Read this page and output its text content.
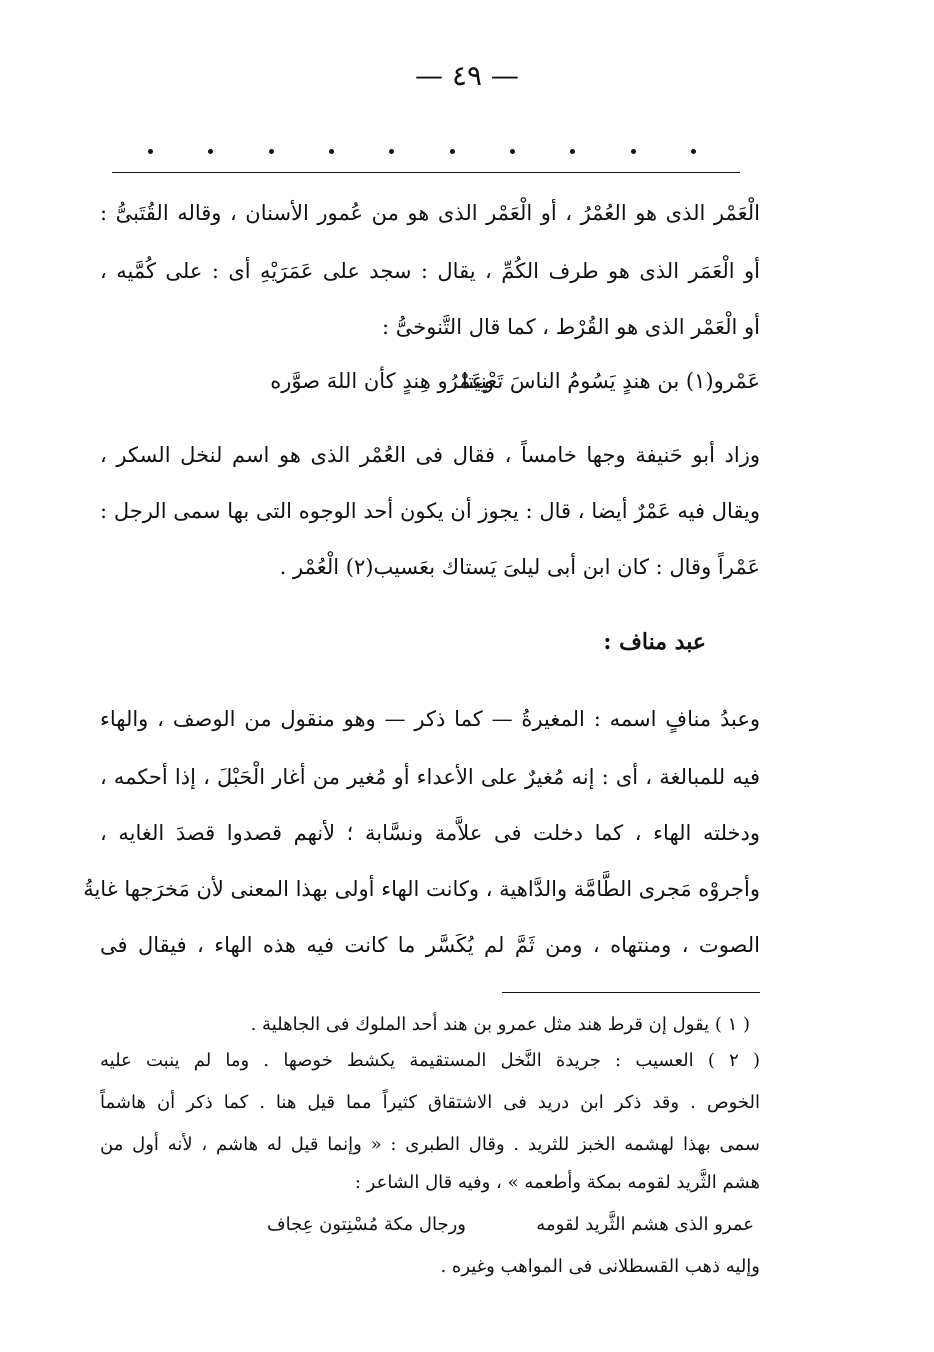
— ٤٩ —
الْعَمْر الذى هو العُمْرُ ، أو الْعَمْر الذى هو من عُمور الأسنان ، وقاله القُتَبىُّ :
أو الْعَمَر الذى هو طرف الكُمِّ ، يقال : سجد على عَمَرَيْهِ أى : على كُمَّيه ،
أو الْعَمْر الذى هو القُرْط ، كما قال التَّنوخىُّ :
عَمْرو(١) بن هندٍ يَسُومُ الناسَ تَعْنِيتا
وعَمْرُو هِندٍ كأن اللهَ صوَّره
وزاد أبو حَنيفة وجها خامساً ، فقال فى العُمْر الذى هو اسم لنخل السكر ،
ويقال فيه عَمْرٌ أيضا ، قال : يجوز أن يكون أحد الوجوه التى بها سمى الرجل :
عَمْراً وقال : كان ابن أبى ليلىَ يَستاك بعَسيب(٢) الْعُمْر .
عبد مناف :
وعبدُ منافٍ اسمه : المغيرةُ — كما ذكر — وهو منقول من الوصف ، والهاء
فيه للمبالغة ، أى : إنه مُغيرٌ على الأعداء أو مُغير من أغار الْحَبْلَ ، إذا أحكمه ،
ودخلته الهاء ، كما دخلت فى علاَّمة ونسَّابة ؛ لأنهم قصدوا قصدَ الغايه ،
وأجروْه مَجرى الطَّامَّة والدَّاهية ، وكانت الهاء أولى بهذا المعنى لأن مَخرَجها غايةُ
الصوت ، ومنتهاه ، ومن ثَمَّ لم يُكَسَّر ما كانت فيه هذه الهاء ، فيقال فى
( ١ ) يقول إن قرط هند مثل عمرو بن هند أحد الملوك فى الجاهلية .
( ٢ ) العسيب : جريدة النَّخل المستقيمة يكشط خوصها . وما لم ينبت عليه
الخوص . وقد ذكر ابن دريد فى الاشتقاق كثيراً مما قيل هنا . كما ذكر أن هاشماً
سمى بهذا لهشمه الخبز للثريد . وقال الطبرى : « وإنما قيل له هاشم ، لأنه أول من
هشم الثَّريد لقومه بمكة وأطعمه » ، وفيه قال الشاعر :
عمرو الذى هشم الثَّريد لقومه
ورجال مكة مُسْنِتون عِجاف
وإليه ذهب القسطلانى فى المواهب وغيره .
